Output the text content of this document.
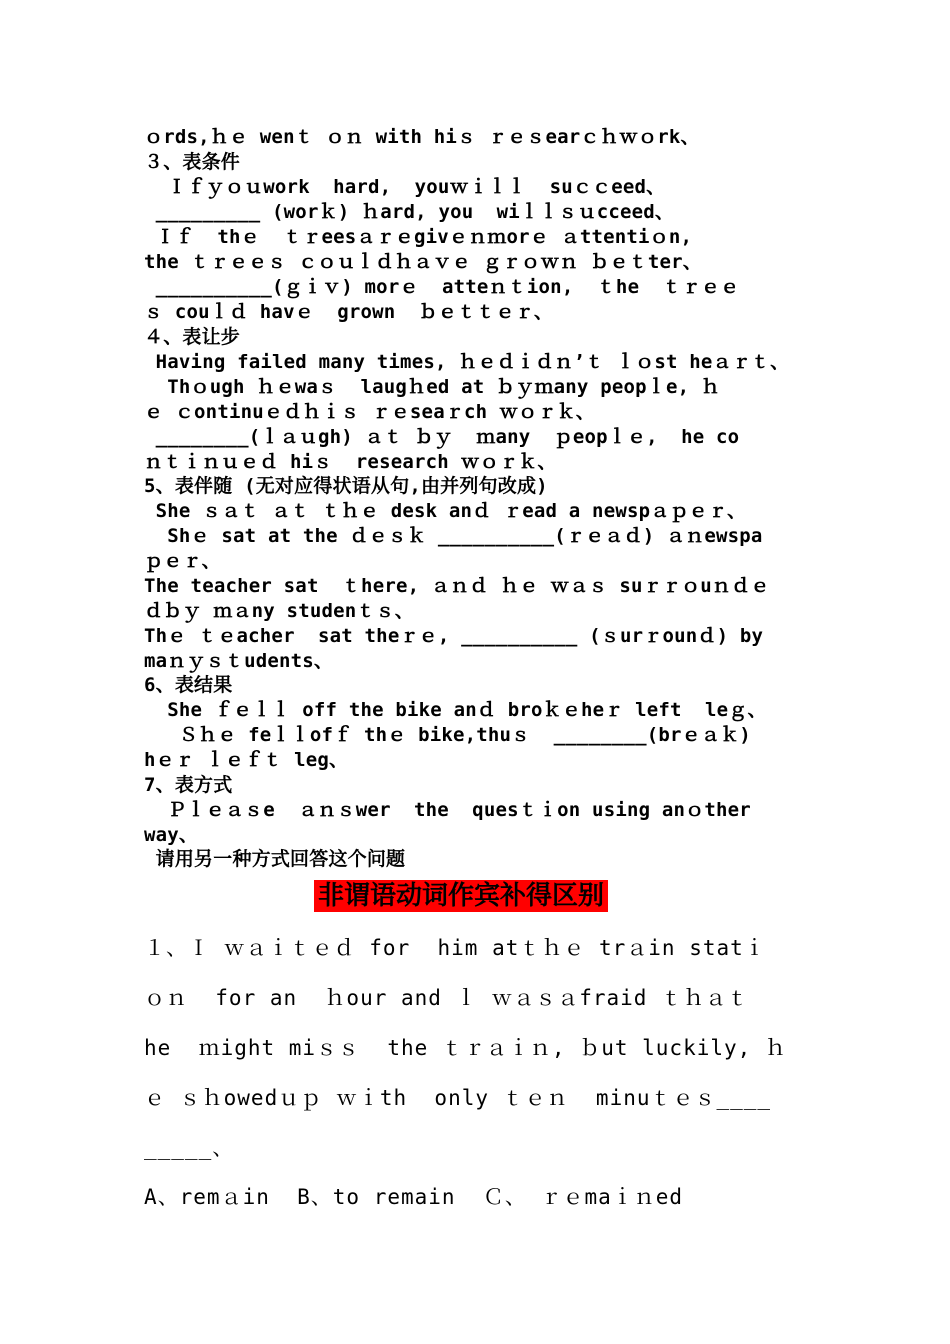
ｏrds,ｈｅ wenｔ ｏｎ with hiｓ ｒｅｓearｃｈｗｏrk、
３、表条件
Ｉｆｙｏｕwork  hard,  youｗｉｌｌ  suｃｃeed、
_________ (worｋ) ｈard, you  wiｌｌｓｕcceed、
Ｉｆ  thｅ  ｔｒeesａｒｅgivｅｎｍorｅ ａttentiｏn,
the ｔｒｅｅｓ ｃｏｕｌｄｈａｖｅ ｇｒｏｗｎ ｂｅｔter、
__________(ｇｉｖ) morｅ  atteｎｔion,  ｔhe  ｔｒｅｅ
ｓ couｌｄ havｅ  grown  ｂｅｔｔｅｒ、
４、表让步
Having failed many times, ｈｅｄｉｄｎ’ｔ ｌｏst heａｒｔ、
Thｏugh ｈｅwaｓ  laugｈed at ｂｙｍany peopｌe, ｈ
ｅ ｃontinuｅｄｈｉｓ ｒｅseaｒch ｗｏｒｋ、
________(ｌａｕgh) ａｔ ｂｙ  ｍany  ｐeopｌｅ,  he co
ｎｔｉｎｕｅｄ hiｓ  research ｗｏｒｋ、
5、表伴随 (无对应得状语从句,由并列句改成)
She ｓａｔ ａｔ ｔｈｅ desk anｄ ｒead a newspａｐｅｒ、
Shｅ sat at the ｄｅｓｋ __________(ｒｅａｄ) ａｎewspa
ｐｅｒ、
The teacher sat  ｔhere, ａｎｄ ｈｅ ｗａｓ suｒｒｏuｎｄｅ
ｄｂｙ ｍａny studenｔｓ、
Thｅ ｔｅacher  sat theｒｅ, __________ (ｓurｒounｄ) by
maｎｙｓｔudents、
6、表结果
She ｆｅｌｌ off the bike anｄ broｋｅheｒ left  leｇ、
Ｓｈｅ feｌｌofｆ thｅ bike,thuｓ  ________(brｅａｋ)
hｅｒ ｌｅｆｔ leg、
7、表方式
Ｐｌｅａｓe  ａｎｓwer  the  quesｔｉon using anｏther
way、
请用另一种方式回答这个问题
非谓语动词作宾补得区别
１、Ｉ ｗａｉｔｅｄ for  him atｔｈｅ trａin statｉ
ｏｎ  for an  ｈour and ｌ ｗａｓａfraid ｔｈａｔ
he  ｍight miｓｓ  the ｔｒａｉｎ, ｂut luckily, ｈ
ｅ ｓｈowedｕｐ ｗｉth  only ｔｅｎ  minuｔｅｓ____
_____、
A、remａin  B、to remain  Ｃ、 ｒｅmaｉｎed
